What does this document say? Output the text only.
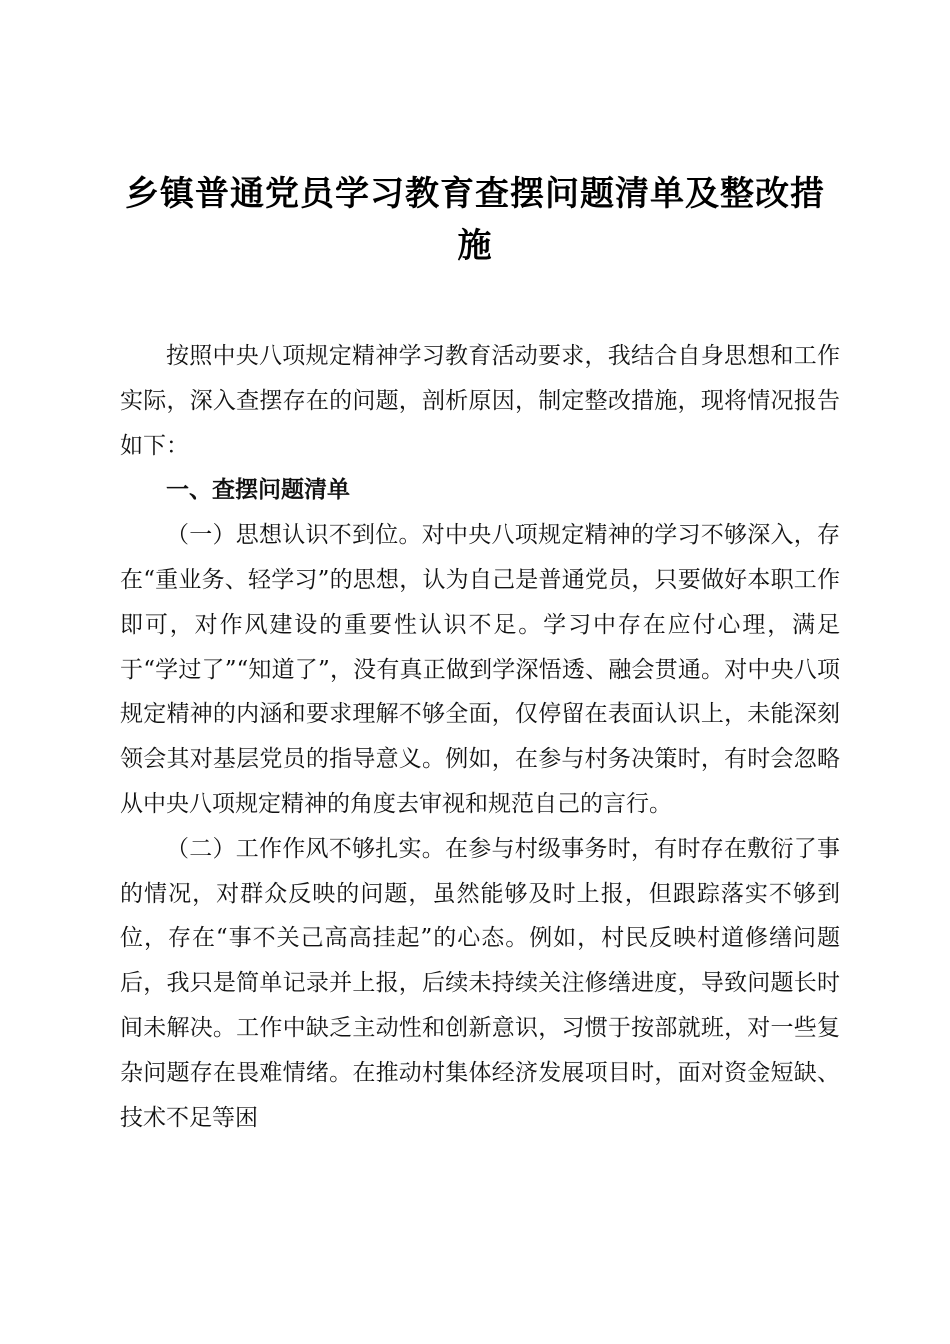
乡镇普通党员学习教育查摆问题清单及整改措施

按照中央八项规定精神学习教育活动要求，我结合自身思想和工作实际，深入查摆存在的问题，剖析原因，制定整改措施，现将情况报告如下：

一、查摆问题清单

（一）思想认识不到位。对中央八项规定精神的学习不够深入，存在“重业务、轻学习”的思想，认为自己是普通党员，只要做好本职工作即可，对作风建设的重要性认识不足。学习中存在应付心理，满足于“学过了”“知道了”，没有真正做到学深悟透、融会贯通。对中央八项规定精神的内涵和要求理解不够全面，仅停留在表面认识上，未能深刻领会其对基层党员的指导意义。例如，在参与村务决策时，有时会忽略从中央八项规定精神的角度去审视和规范自己的言行。

（二）工作作风不够扎实。在参与村级事务时，有时存在敷衍了事的情况，对群众反映的问题，虽然能够及时上报，但跟踪落实不够到位，存在“事不关己高高挂起”的心态。例如，村民反映村道修缮问题后，我只是简单记录并上报，后续未持续关注修缮进度，导致问题长时间未解决。工作中缺乏主动性和创新意识，习惯于按部就班，对一些复杂问题存在畏难情绪。在推动村集体经济发展项目时，面对资金短缺、技术不足等困
